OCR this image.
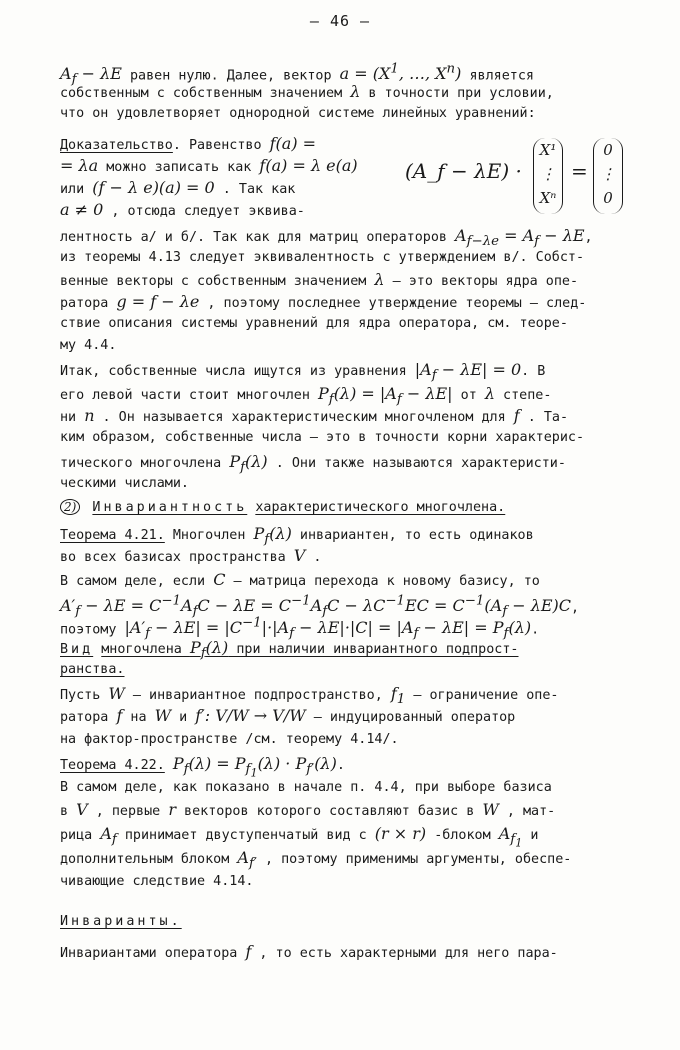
– 46 –
(A_f − λE) ·
X¹
⋮
Xⁿ
=
0
⋮
0
$A_f - \lambda E$ равен нулю. Далее, вектор $a = (X^1$, …, $X^n$) является
собственным с собственным значением λ в точности при условии,
что он удовлетворяет однородной системе линейных уравнений:
Доказательство. Равенство f(a) =
= λa можно записать как f(a) = λ e(a)
или (f − λ e)(a) = 0 . Так как
a ≠ 0 , отсюда следует эквива-
лентность а/ и б/. Так как для матриц операторов $A_{f-\lambda e} = A_f - \lambda E$,
из теоремы 4.13 следует эквивалентность с утверждением в/. Собст-
венные векторы с собственным значением λ – это векторы ядра опе-
ратора g = f − λe , поэтому последнее утверждение теоремы – след-
ствие описания системы уравнений для ядра оператора, см. теоре-
му 4.4.
Итак, собственные числа ищутся из уравнения $|A_f - \lambda E| = 0$. В
его левой части стоит многочлен $P_f(\lambda) = |A_f - \lambda E|$ от λ степе-
ни n . Он называется характеристическим многочленом для f . Та-
ким образом, собственные числа – это в точности корни характерис-
тического многочлена $P_f(\lambda)$ . Они также называются характеристи-
ческими числами.
2) Инвариантность характеристического многочлена.
Теорема 4.21. Многочлен $P_f(\lambda)$ инвариантен, то есть одинаков
во всех базисах пространства V .
В самом деле, если C – матрица перехода к новому базису, то
$A'_f - \lambda E = C^{-1}A_fC - \lambda E = C^{-1}A_fC - \lambda C^{-1}EC = C^{-1}(A_f - \lambda E)C$,
поэтому $|A'_f - \lambda E| = |C^{-1}|\cdot|A_f - \lambda E|\cdot|C| = |A_f - \lambda E| = P_f(\lambda)$.
Вид многочлена $P_f(\lambda)$ при наличии инвариантного подпрост-
ранства.
Пусть W – инвариантное подпространство, $f_1$ – ограничение опе-
ратора f на W и f′: V/W → V/W – индуцированный оператор
на фактор-пространстве /см. теорему 4.14/.
Теорема 4.22. $P_f(\lambda) = P_{f_1}(\lambda) \cdot P_{f'}(\lambda)$.
В самом деле, как показано в начале п. 4.4, при выборе базиса
в V , первые r векторов которого составляют базис в W , мат-
рица $A_f$ принимает двуступенчатый вид с (r × r) -блоком $A_{f_1}$ и
дополнительным блоком $A_{f'}$ , поэтому применимы аргументы, обеспе-
чивающие следствие 4.14.
Инварианты.
Инвариантами оператора f , то есть характерными для него пара-
